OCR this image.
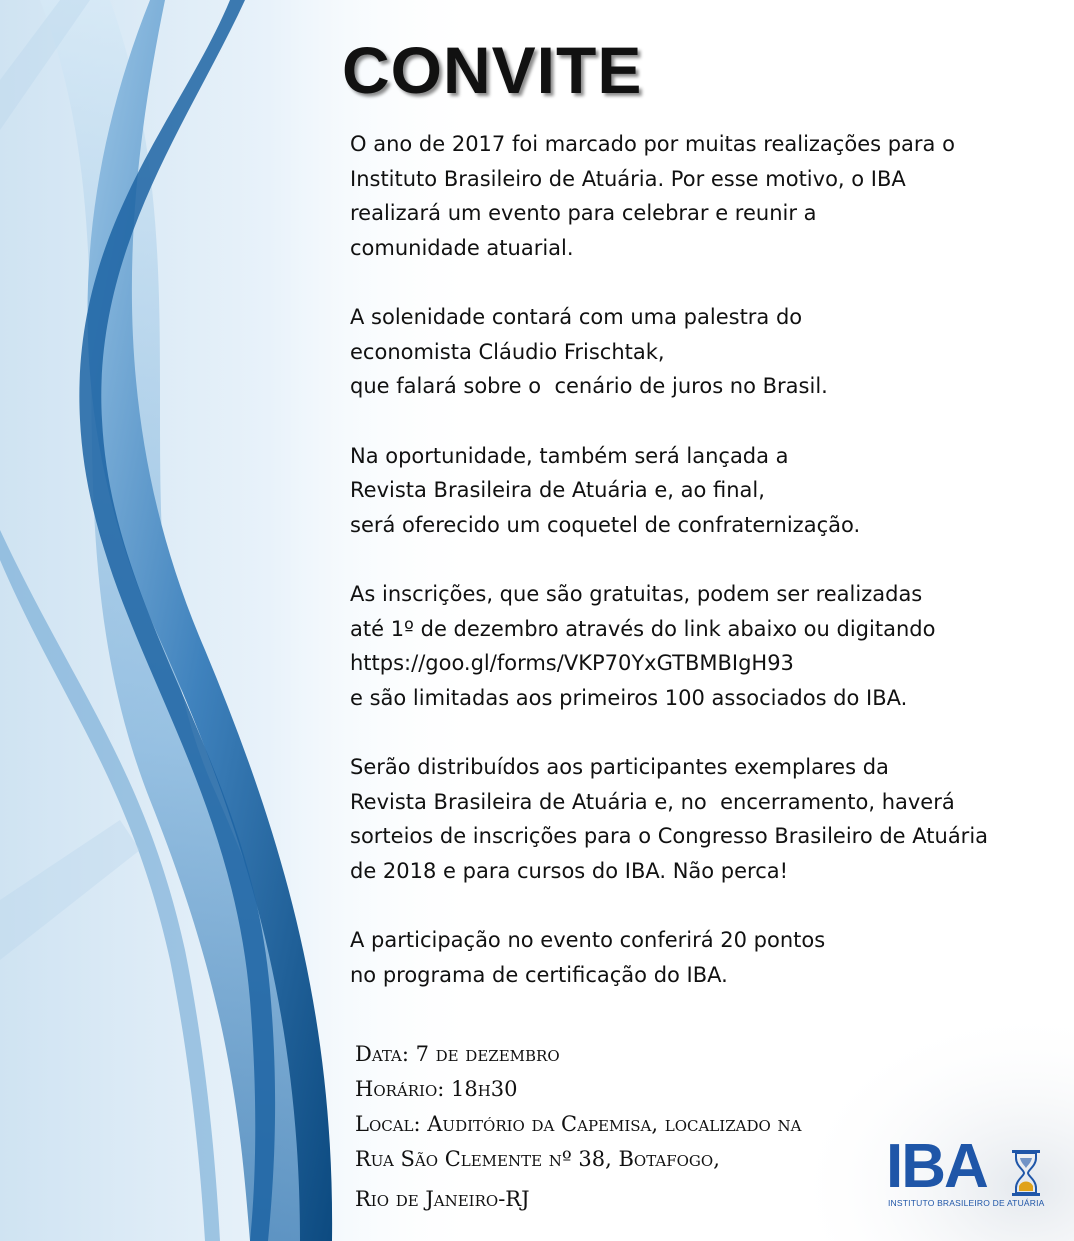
CONVITE
O ano de 2017 foi marcado por muitas realizações para o
Instituto Brasileiro de Atuária. Por esse motivo, o IBA
realizará um evento para celebrar e reunir a
comunidade atuarial.
A solenidade contará com uma palestra do
economista Cláudio Frischtak,
que falará sobre o  cenário de juros no Brasil.
Na oportunidade, também será lançada a
Revista Brasileira de Atuária e, ao final,
será oferecido um coquetel de confraternização.
As inscrições, que são gratuitas, podem ser realizadas
até 1º de dezembro através do link abaixo ou digitando
https://goo.gl/forms/VKP70YxGTBMBIgH93
e são limitadas aos primeiros 100 associados do IBA.
Serão distribuídos aos participantes exemplares da
Revista Brasileira de Atuária e, no  encerramento, haverá
sorteios de inscrições para o Congresso Brasileiro de Atuária
de 2018 e para cursos do IBA. Não perca!
A participação no evento conferirá 20 pontos
no programa de certificação do IBA.
Data: 7 de dezembro
Horário: 18h30
Local: Auditório da Capemisa, localizado na
Rua São Clemente nº 38, Botafogo,
Rio de Janeiro-RJ	IBA
INSTITUTO BRASILEIRO DE ATUÁRIA
